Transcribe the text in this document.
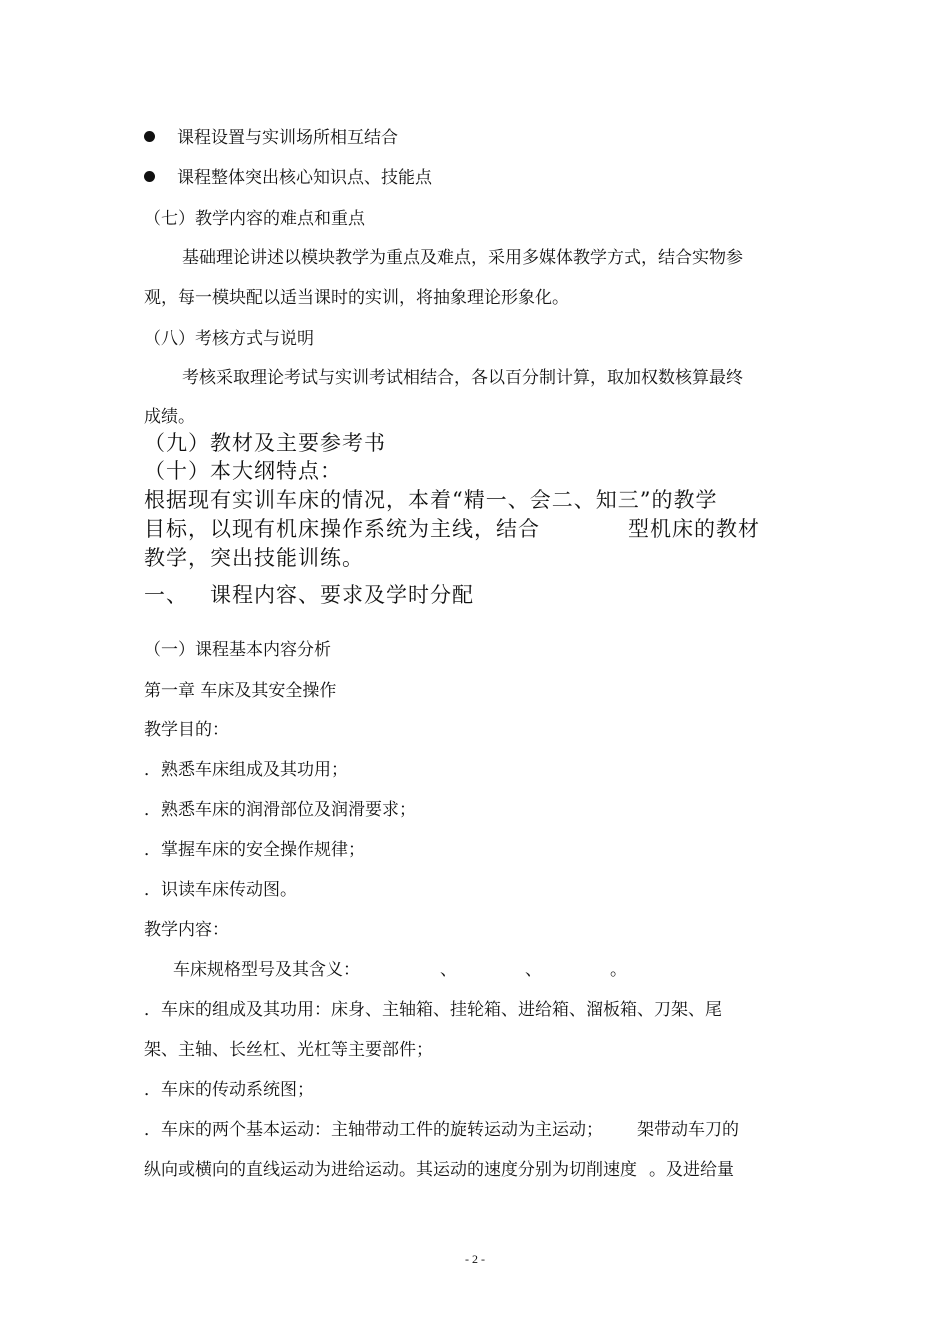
课程设置与实训场所相互结合
课程整体突出核心知识点、技能点
（七）教学内容的难点和重点
基础理论讲述以模块教学为重点及难点，采用多媒体教学方式，结合实物参
观，每一模块配以适当课时的实训，将抽象理论形象化。
（八）考核方式与说明
考核采取理论考试与实训考试相结合，各以百分制计算，取加权数核算最终
成绩。
（九）教材及主要参考书
（十）本大纲特点：
根据现有实训车床的情况，本着“精一、会二、知三”的教学
目标，以现有机床操作系统为主线，结合	型机床的教材
教学，突出技能训练。
一、 课程内容、要求及学时分配
（一）课程基本内容分析
第一章 车床及其安全操作
教学目的：
．熟悉车床组成及其功用；
．熟悉车床的润滑部位及润滑要求；
．掌握车床的安全操作规律；
．识读车床传动图。
教学内容：
车床规格型号及其含义：	、	、	。
．车床的组成及其功用：床身、主轴箱、挂轮箱、进给箱、溜板箱、刀架、尾
架、主轴、长丝杠、光杠等主要部件；
．车床的传动系统图；
．车床的两个基本运动：主轴带动工件的旋转运动为主运动； 架带动车刀的
纵向或横向的直线运动为进给运动。其运动的速度分别为切削速度 。及进给量
- 2 -
